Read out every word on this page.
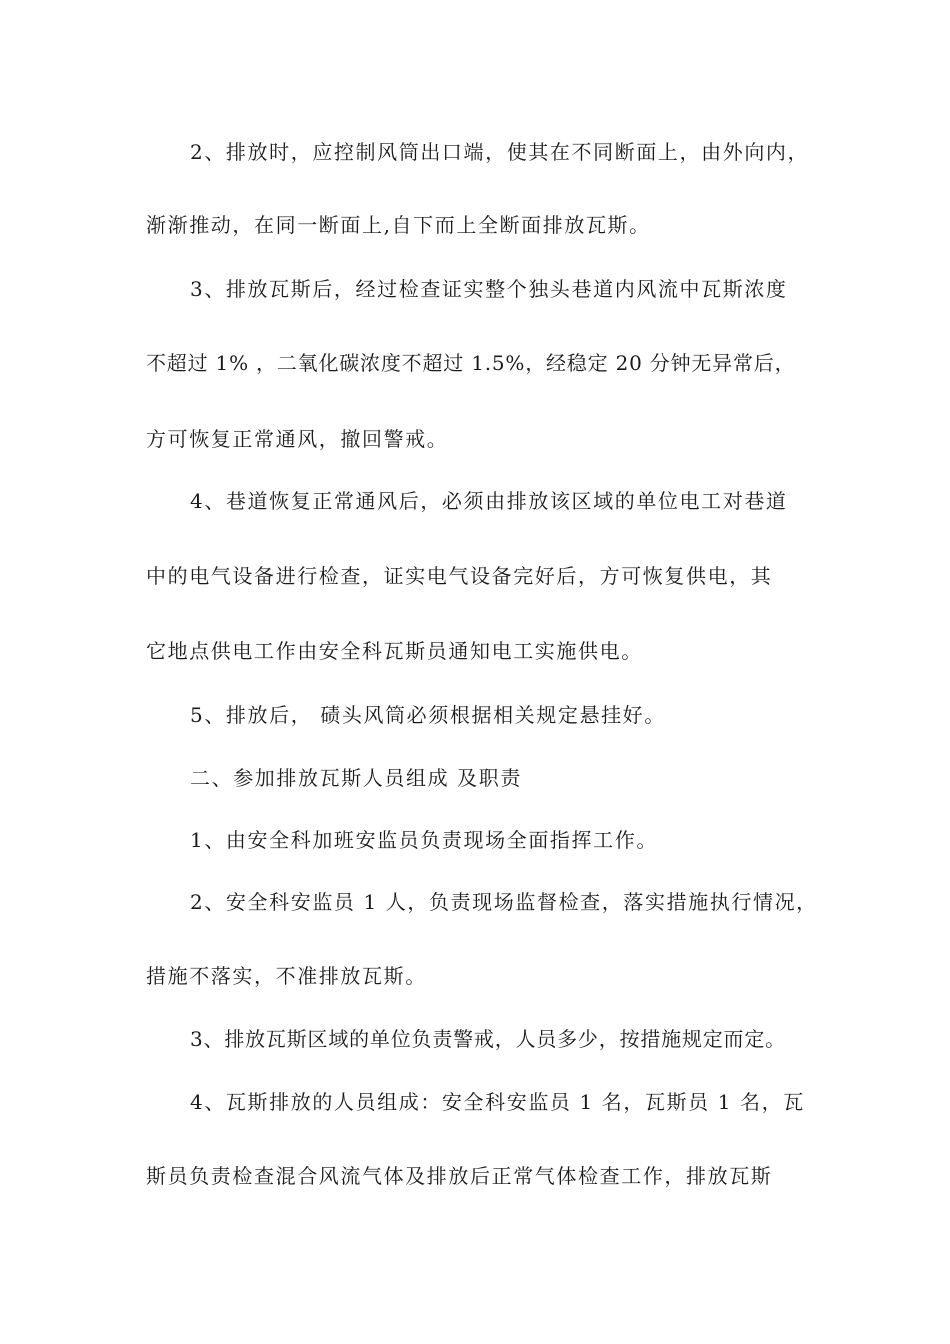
2、排放时，应控制风筒出口端，使其在不同断面上，由外向内，
渐渐推动，在同一断面上,自下而上全断面排放瓦斯。
3、排放瓦斯后，经过检查证实整个独头巷道内风流中瓦斯浓度
不超过 1% ，二氧化碳浓度不超过 1.5%，经稳定 20 分钟无异常后，
方可恢复正常通风，撤回警戒。
4、巷道恢复正常通风后，必须由排放该区域的单位电工对巷道
中的电气设备进行检查，证实电气设备完好后，方可恢复供电，其
它地点供电工作由安全科瓦斯员通知电工实施供电。
5、排放后， 碛头风筒必须根据相关规定悬挂好。
二、参加排放瓦斯人员组成 及职责
1、由安全科加班安监员负责现场全面指挥工作。
2、安全科安监员 1 人，负责现场监督检查，落实措施执行情况，
措施不落实，不准排放瓦斯。
3、排放瓦斯区域的单位负责警戒，人员多少，按措施规定而定。
4、瓦斯排放的人员组成：安全科安监员 1 名，瓦斯员 1 名，瓦
斯员负责检查混合风流气体及排放后正常气体检查工作，排放瓦斯
